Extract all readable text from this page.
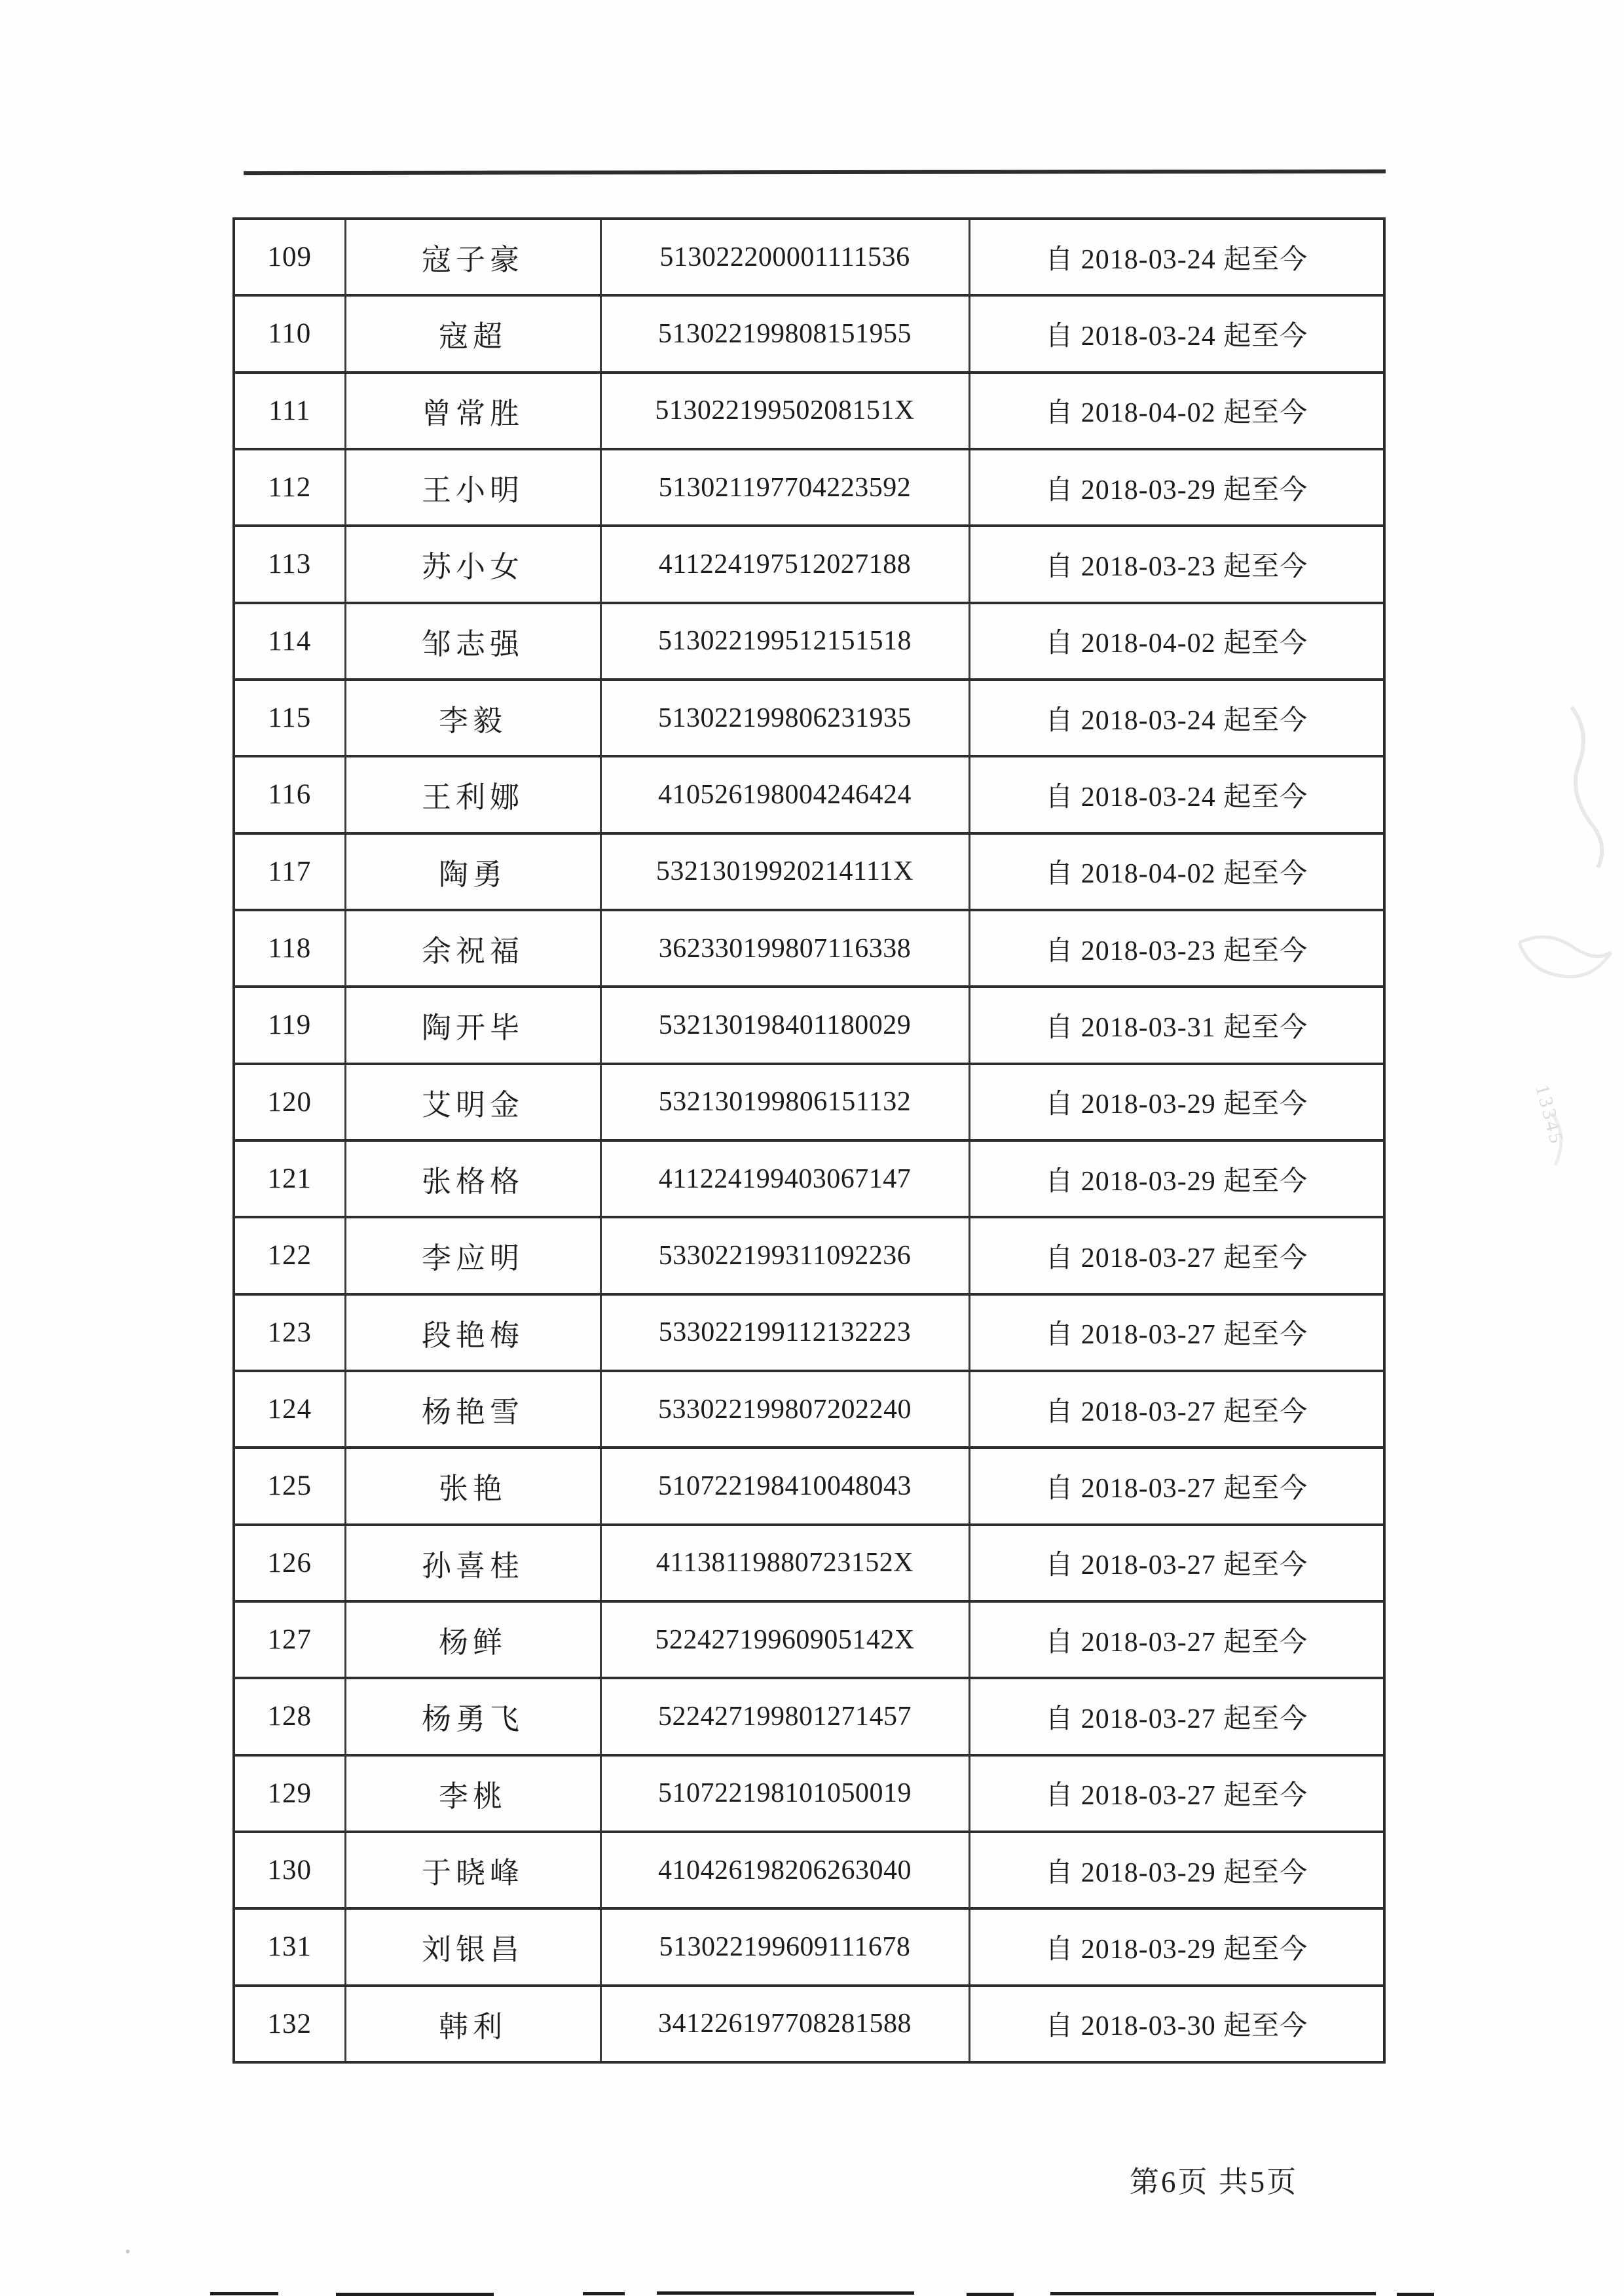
109	寇子豪	513022200001111536	自 2018-03-24 起至今
110	寇超	513022199808151955	自 2018-03-24 起至今
111	曾常胜	51302219950208151X	自 2018-04-02 起至今
112	王小明	513021197704223592	自 2018-03-29 起至今
113	苏小女	411224197512027188	自 2018-03-23 起至今
114	邹志强	513022199512151518	自 2018-04-02 起至今
115	李毅	513022199806231935	自 2018-03-24 起至今
116	王利娜	410526198004246424	自 2018-03-24 起至今
117	陶勇	53213019920214111X	自 2018-04-02 起至今
118	余祝福	362330199807116338	自 2018-03-23 起至今
119	陶开毕	532130198401180029	自 2018-03-31 起至今
120	艾明金	532130199806151132	自 2018-03-29 起至今
121	张格格	411224199403067147	自 2018-03-29 起至今
122	李应明	533022199311092236	自 2018-03-27 起至今
123	段艳梅	533022199112132223	自 2018-03-27 起至今
124	杨艳雪	533022199807202240	自 2018-03-27 起至今
125	张艳	510722198410048043	自 2018-03-27 起至今
126	孙喜桂	41138119880723152X	自 2018-03-27 起至今
127	杨鲜	52242719960905142X	自 2018-03-27 起至今
128	杨勇飞	522427199801271457	自 2018-03-27 起至今
129	李桃	510722198101050019	自 2018-03-27 起至今
130	于晓峰	410426198206263040	自 2018-03-29 起至今
131	刘银昌	513022199609111678	自 2018-03-29 起至今
132	韩利	341226197708281588	自 2018-03-30 起至今
第6页 共5页
13345
